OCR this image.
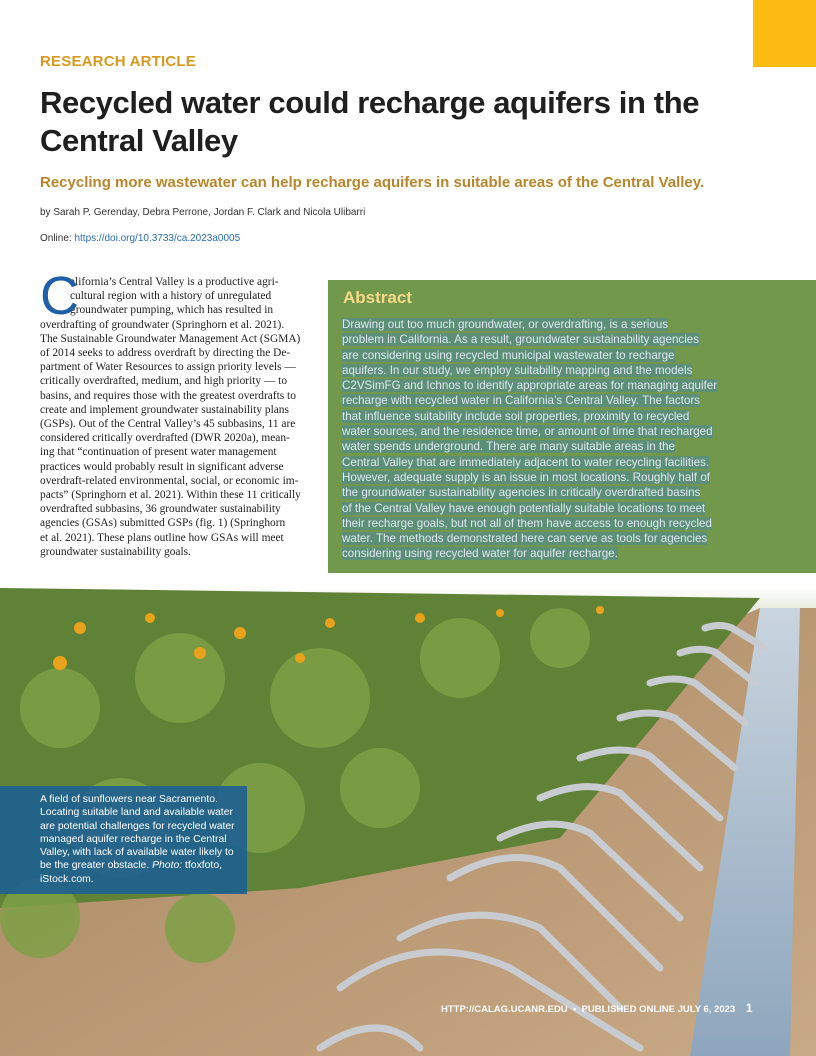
RESEARCH ARTICLE
Recycled water could recharge aquifers in the Central Valley
Recycling more wastewater can help recharge aquifers in suitable areas of the Central Valley.
by Sarah P. Gerenday, Debra Perrone, Jordan F. Clark and Nicola Ulibarri
Online: https://doi.org/10.3733/ca.2023a0005
C
alifornia’s Central Valley is a productive agri-
cultural region with a history of unregulated
groundwater pumping, which has resulted in
overdrafting of groundwater (Springhorn et al. 2021).
The Sustainable Groundwater Management Act (SGMA)
of 2014 seeks to address overdraft by directing the De-
partment of Water Resources to assign priority levels —
critically overdrafted, medium, and high priority — to
basins, and requires those with the greatest overdrafts to
create and implement groundwater sustainability plans
(GSPs). Out of the Central Valley’s 45 subbasins, 11 are
considered critically overdrafted (DWR 2020a), mean-
ing that “continuation of present water management
practices would probably result in significant adverse
overdraft-related environmental, social, or economic im-
pacts” (Springhorn et al. 2021). Within these 11 critically
overdrafted subbasins, 36 groundwater sustainability
agencies (GSAs) submitted GSPs (fig. 1) (Springhorn
et al. 2021). These plans outline how GSAs will meet
groundwater sustainability goals.
Abstract
Drawing out too much groundwater, or overdrafting, is a serious
problem in California. As a result, groundwater sustainability agencies
are considering using recycled municipal wastewater to recharge
aquifers. In our study, we employ suitability mapping and the models
C2VSimFG and Ichnos to identify appropriate areas for managing aquifer
recharge with recycled water in California’s Central Valley. The factors
that influence suitability include soil properties, proximity to recycled
water sources, and the residence time, or amount of time that recharged
water spends underground. There are many suitable areas in the
Central Valley that are immediately adjacent to water recycling facilities.
However, adequate supply is an issue in most locations. Roughly half of
the groundwater sustainability agencies in critically overdrafted basins
of the Central Valley have enough potentially suitable locations to meet
their recharge goals, but not all of them have access to enough recycled
water. The methods demonstrated here can serve as tools for agencies
considering using recycled water for aquifer recharge.
A field of sunflowers near Sacramento. Locating suitable land and available water are potential challenges for recycled water managed aquifer recharge in the Central Valley, with lack of available water likely to be the greater obstacle. Photo: tfoxfoto, iStock.com.
HTTP://CALAG.UCANR.EDU • PUBLISHED ONLINE JULY 6, 2023 1
